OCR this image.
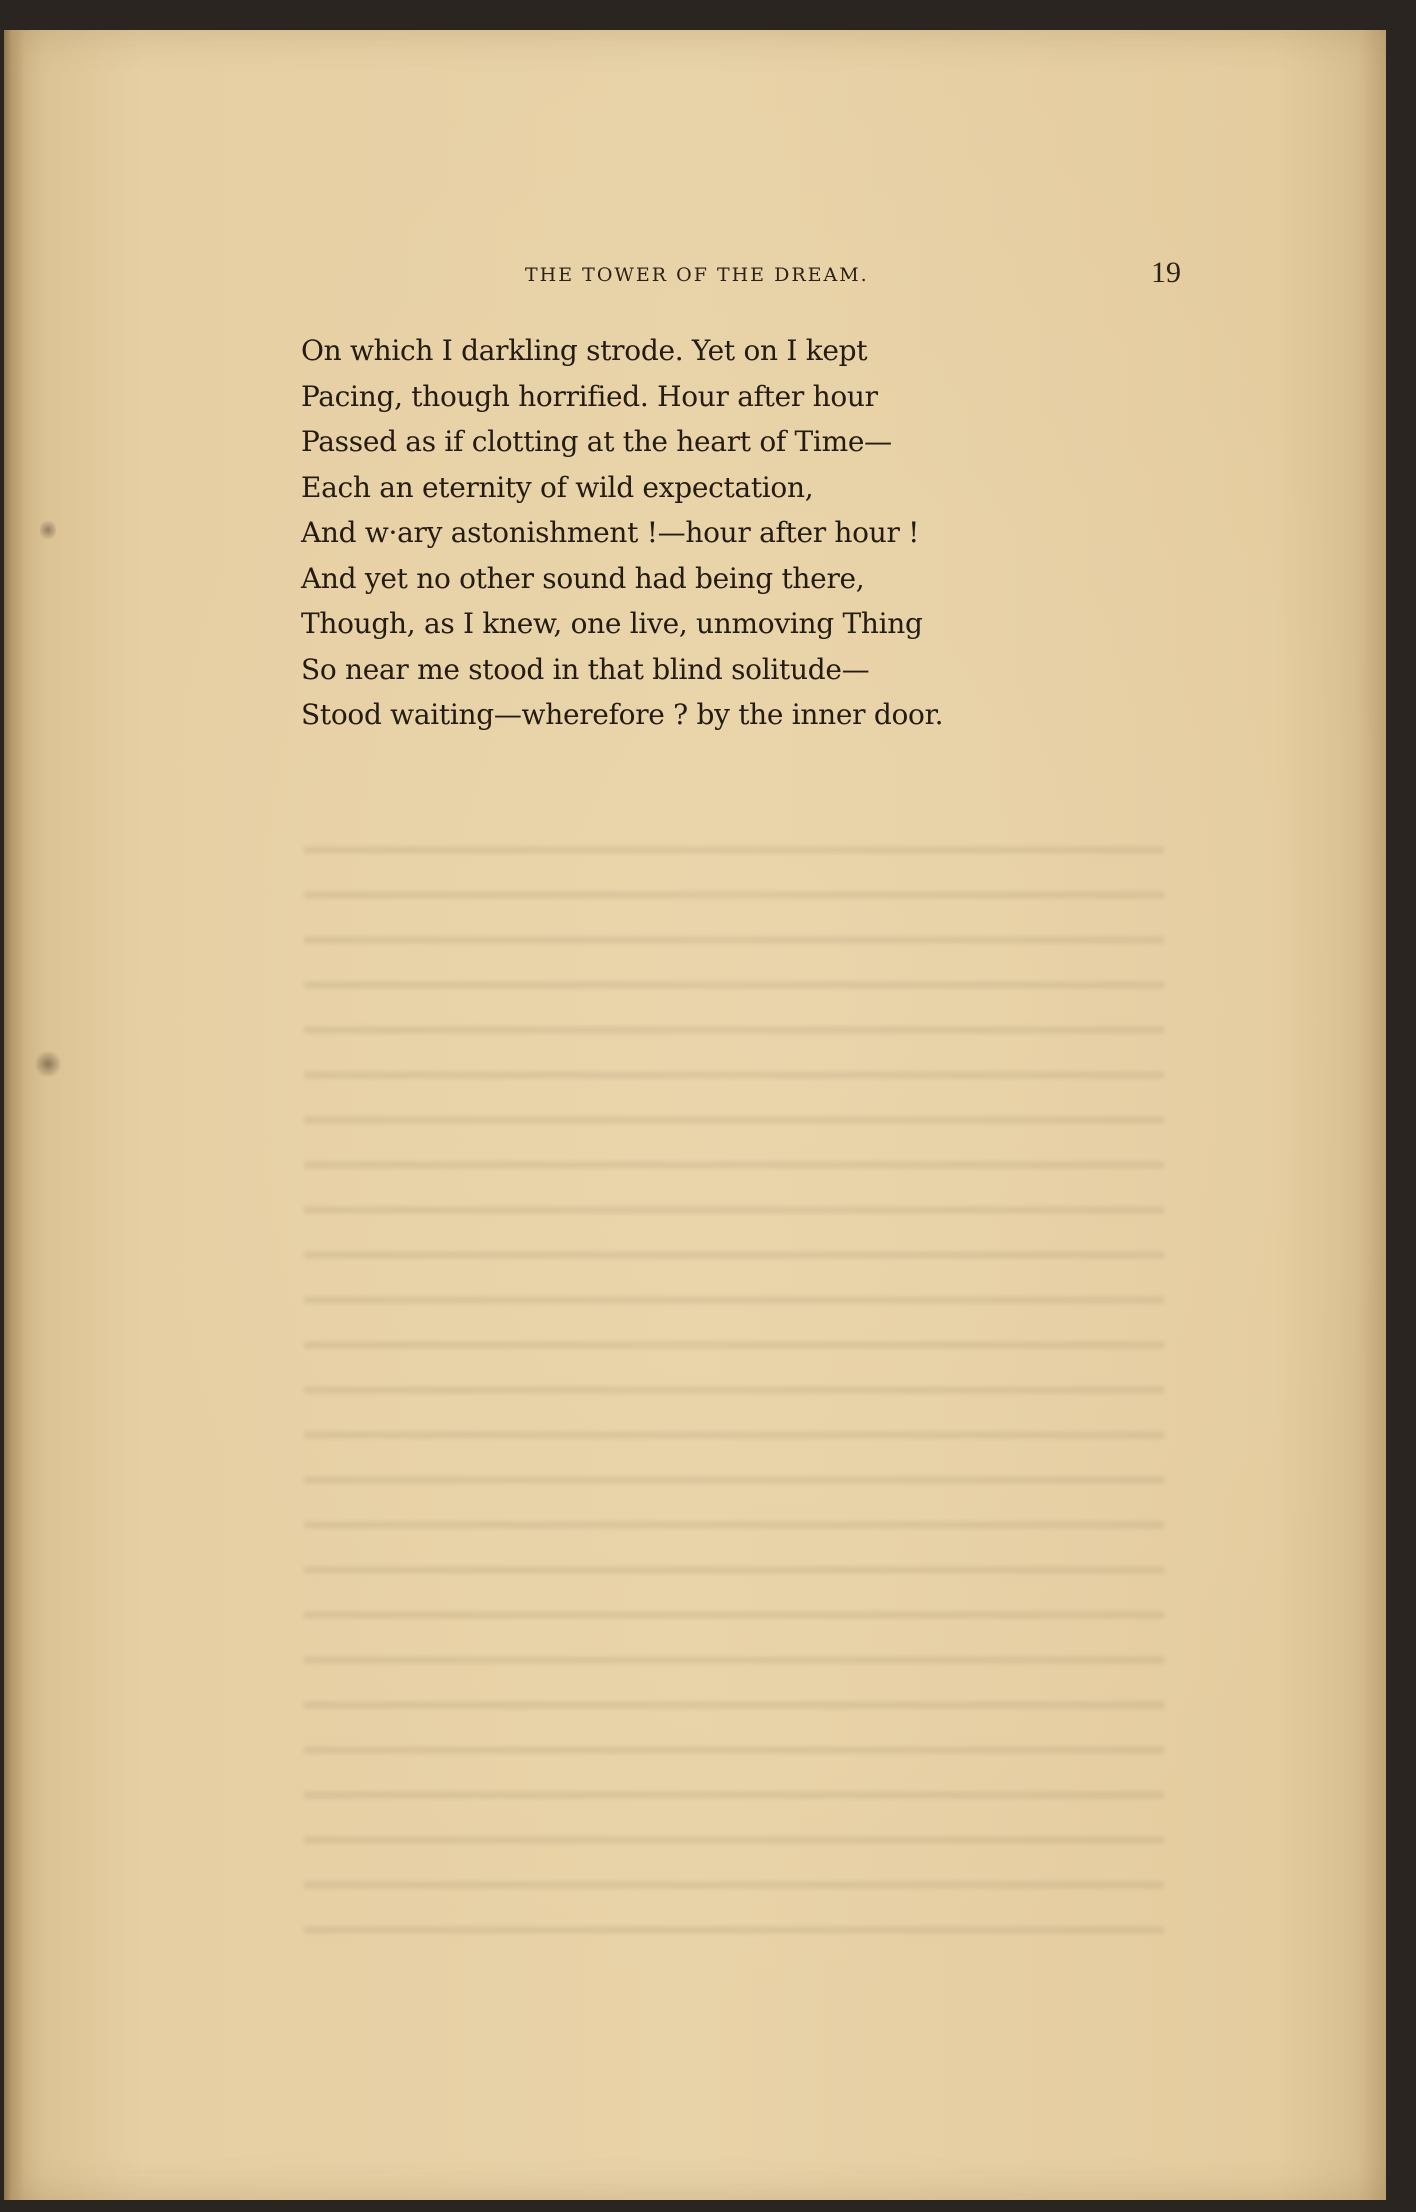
THE TOWER OF THE DREAM.	19
On which I darkling strode. Yet on I kept
Pacing, though horrified. Hour after hour
Passed as if clotting at the heart of Time—
Each an eternity of wild expectation,
And w·ary astonishment !—hour after hour !
And yet no other sound had being there,
Though, as I knew, one live, unmoving Thing
So near me stood in that blind solitude—
Stood waiting—wherefore ? by the inner door.
